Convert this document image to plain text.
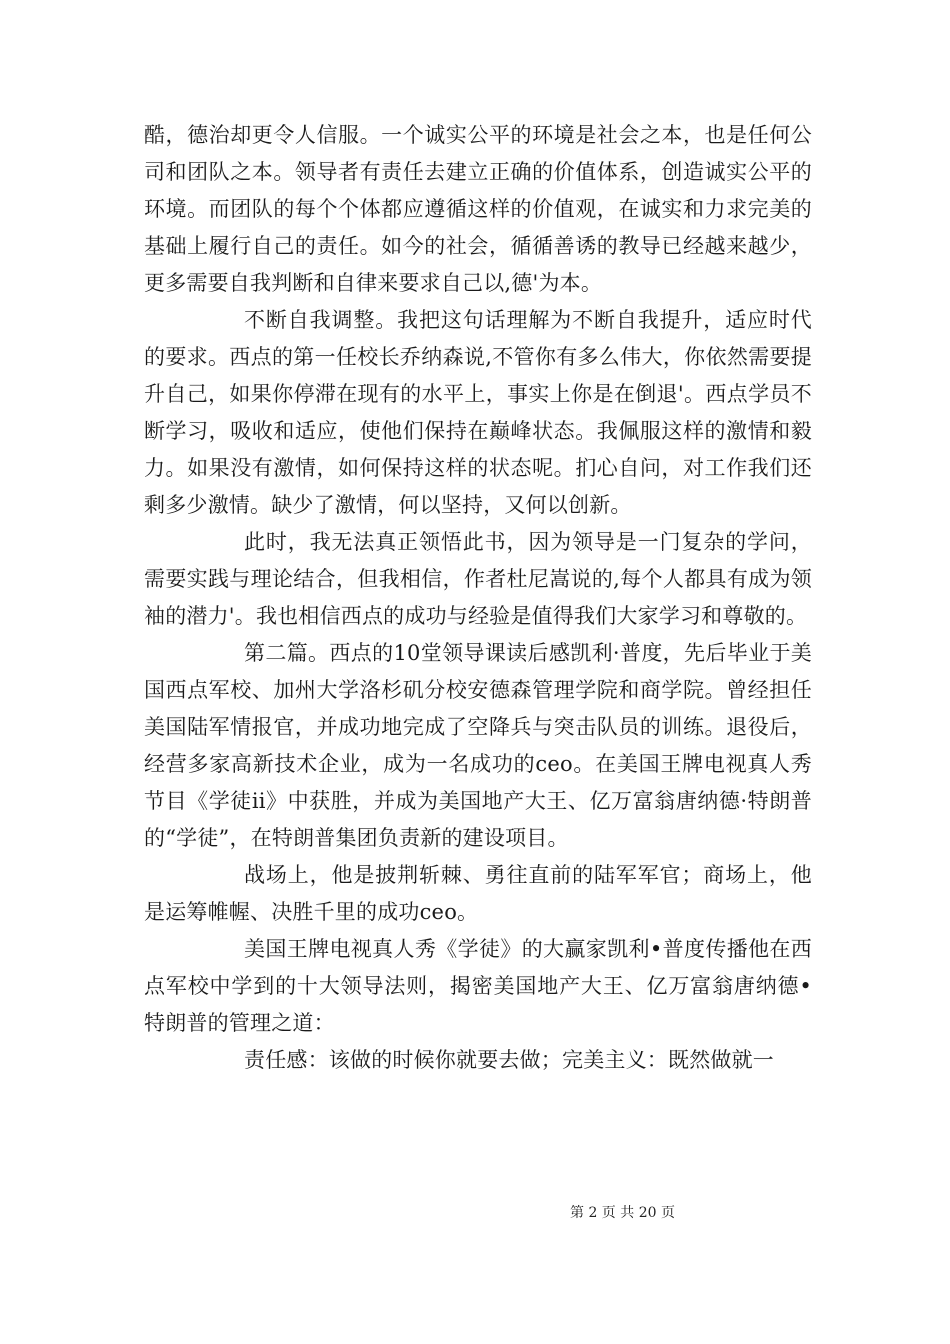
酷，德治却更令人信服。一个诚实公平的环境是社会之本，也是任何公司和团队之本。领导者有责任去建立正确的价值体系，创造诚实公平的环境。而团队的每个个体都应遵循这样的价值观，在诚实和力求完美的基础上履行自己的责任。如今的社会，循循善诱的教导已经越来越少，更多需要自我判断和自律来要求自己以,德'为本。

不断自我调整。我把这句话理解为不断自我提升，适应时代的要求。西点的第一任校长乔纳森说,不管你有多么伟大，你依然需要提升自己，如果你停滞在现有的水平上，事实上你是在倒退'。西点学员不断学习，吸收和适应，使他们保持在巅峰状态。我佩服这样的激情和毅力。如果没有激情，如何保持这样的状态呢。扪心自问，对工作我们还剩多少激情。缺少了激情，何以坚持，又何以创新。

此时，我无法真正领悟此书，因为领导是一门复杂的学问，需要实践与理论结合，但我相信，作者杜尼嵩说的,每个人都具有成为领袖的潜力'。我也相信西点的成功与经验是值得我们大家学习和尊敬的。

第二篇。西点的10堂领导课读后感凯利·普度，先后毕业于美国西点军校、加州大学洛杉矶分校安德森管理学院和商学院。曾经担任美国陆军情报官，并成功地完成了空降兵与突击队员的训练。退役后，经营多家高新技术企业，成为一名成功的ceo。在美国王牌电视真人秀节目《学徒ii》中获胜，并成为美国地产大王、亿万富翁唐纳德·特朗普的“学徒”，在特朗普集团负责新的建设项目。

战场上，他是披荆斩棘、勇往直前的陆军军官；商场上，他是运筹帷幄、决胜千里的成功ceo。

美国王牌电视真人秀《学徒》的大赢家凯利•普度传播他在西点军校中学到的十大领导法则，揭密美国地产大王、亿万富翁唐纳德•特朗普的管理之道：

责任感：该做的时候你就要去做；完美主义：既然做就一

第 2 页 共 20 页
